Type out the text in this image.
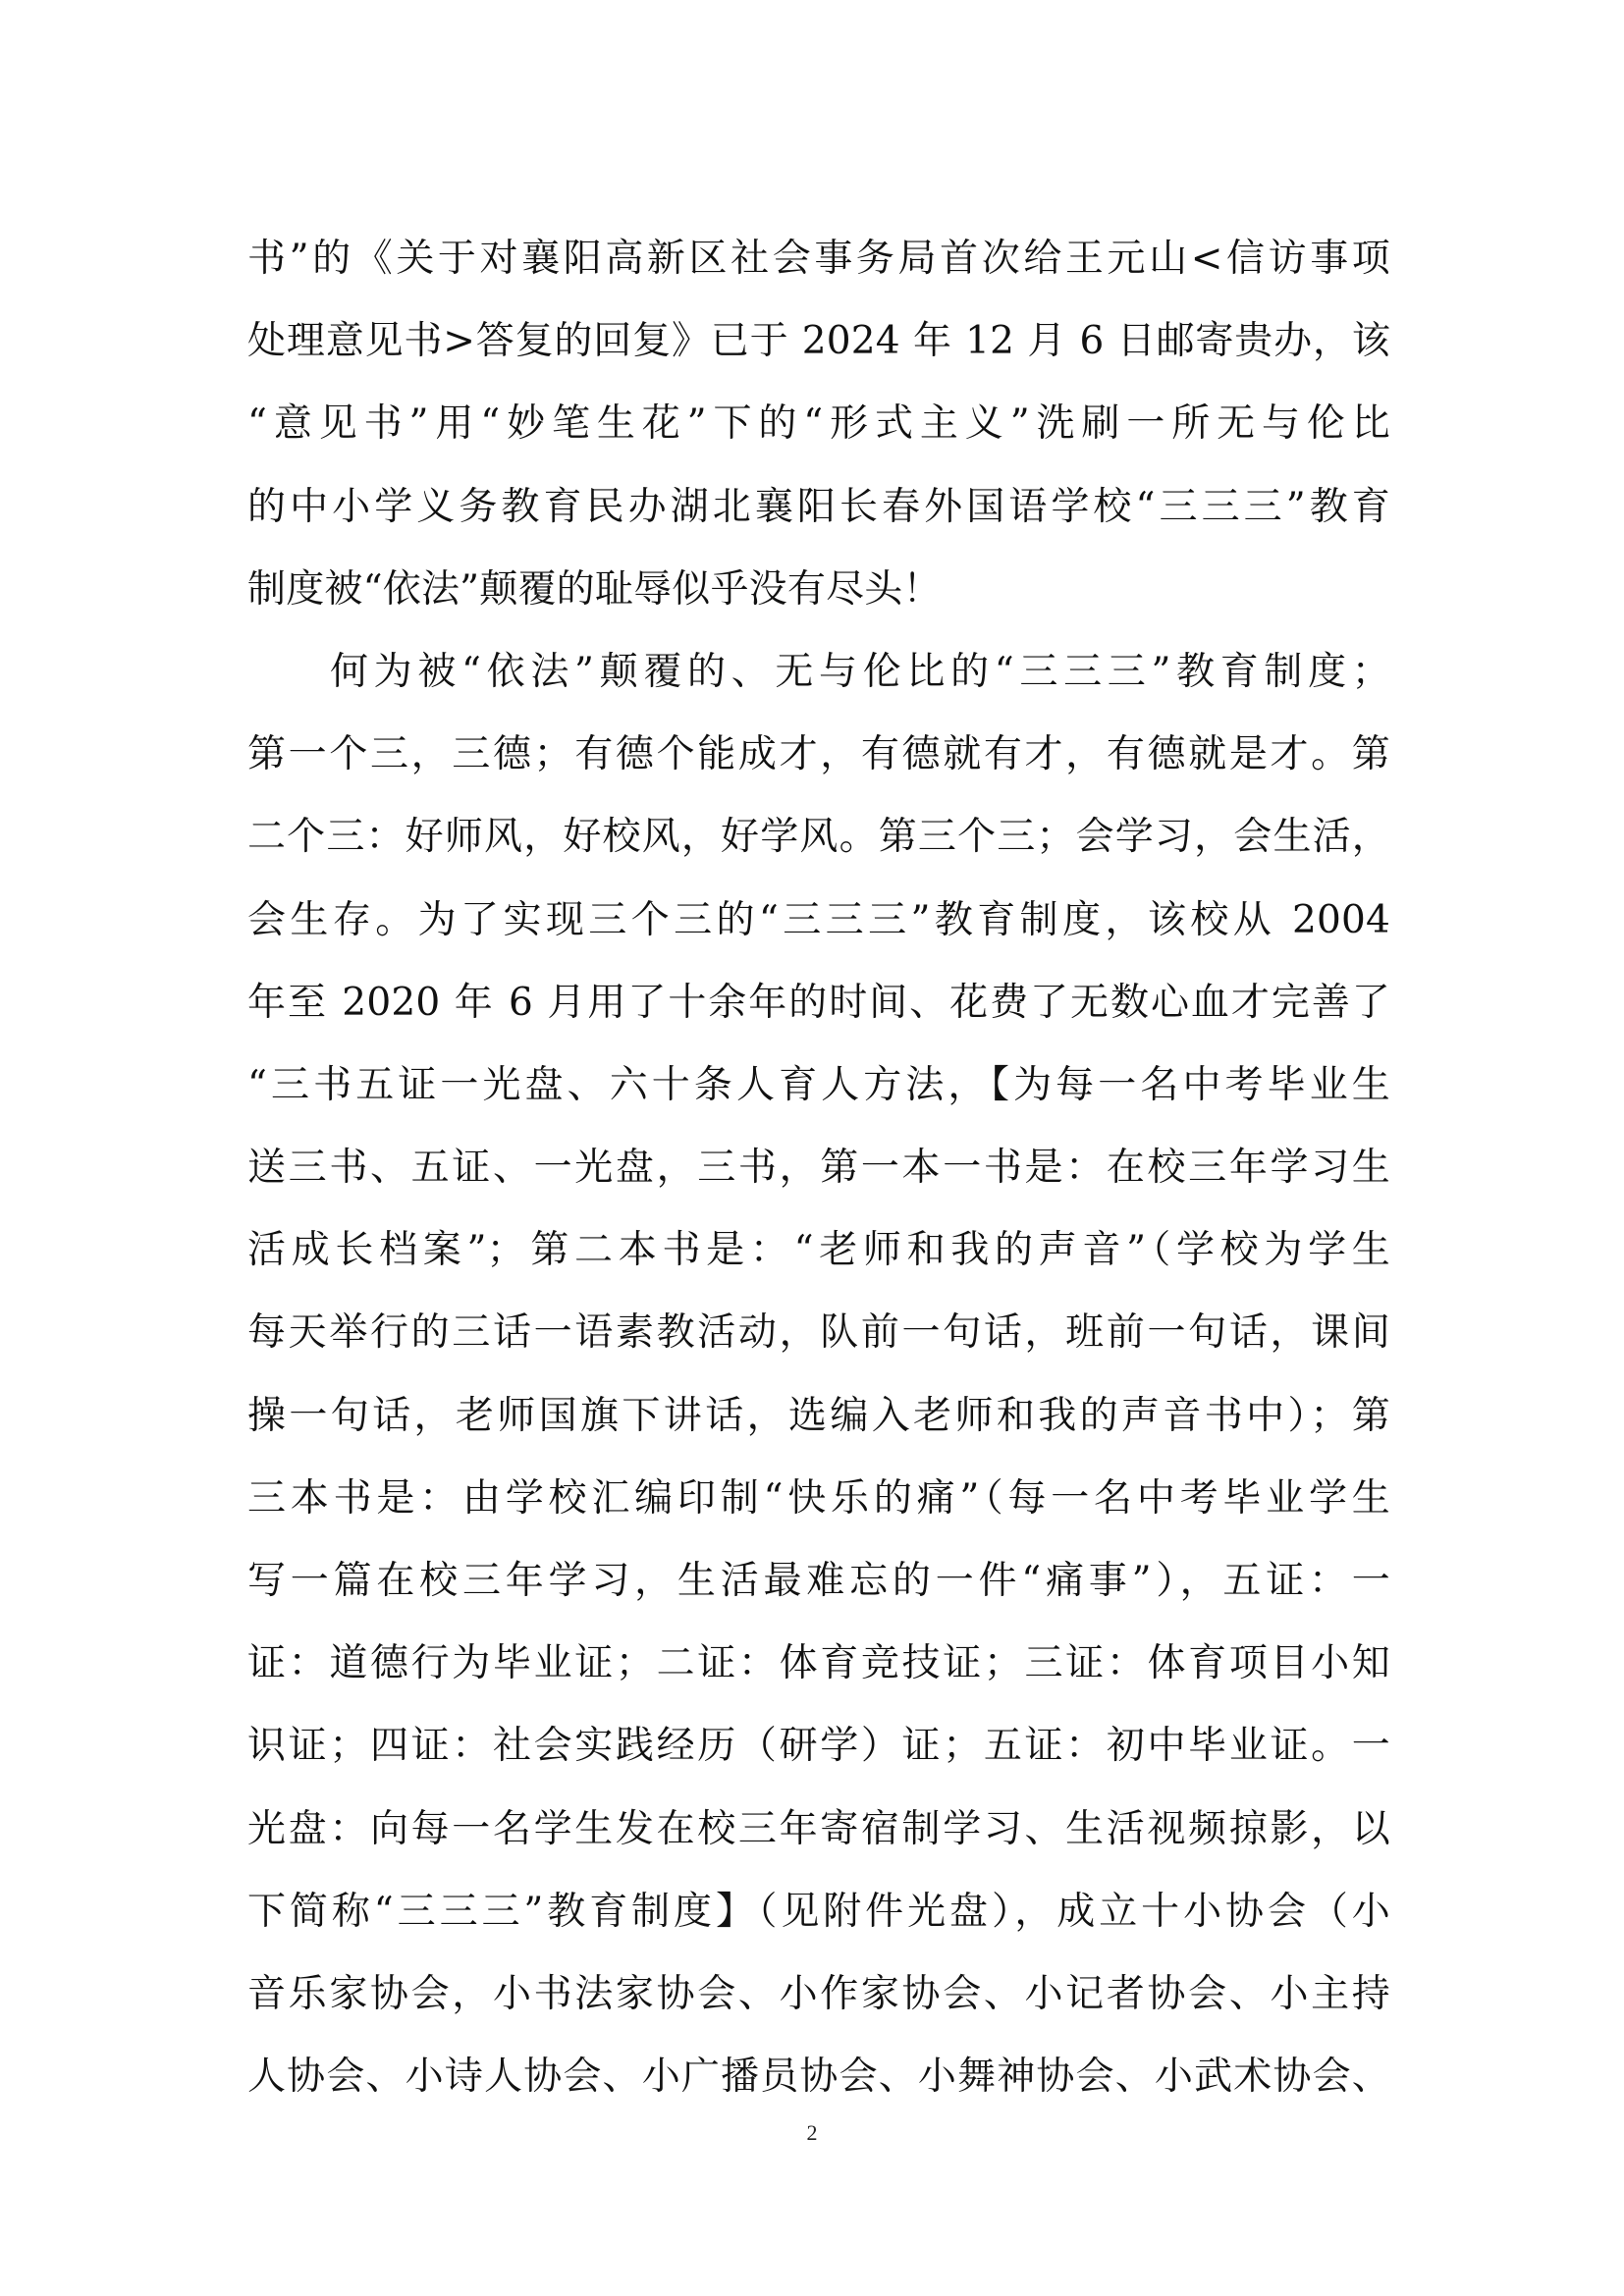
书”的《关于对襄阳高新区社会事务局首次给王元山<信访事项
处理意见书>答复的回复》已于 2024 年 12 月 6 日邮寄贵办，该
“意见书”用“妙笔生花”下的“形式主义”洗刷一所无与伦比
的中小学义务教育民办湖北襄阳长春外国语学校“三三三”教育
制度被“依法”颠覆的耻辱似乎没有尽头！
何为被“依法”颠覆的、无与伦比的“三三三”教育制度；
第一个三，三德；有德个能成才，有德就有才，有德就是才。第
二个三：好师风，好校风，好学风。第三个三；会学习，会生活，
会生存。为了实现三个三的“三三三”教育制度，该校从 2004
年至 2020 年 6 月用了十余年的时间、花费了无数心血才完善了
“三书五证一光盘、六十条人育人方法，【为每一名中考毕业生
送三书、五证、一光盘，三书，第一本一书是：在校三年学习生
活成长档案”；第二本书是：“老师和我的声音”（学校为学生
每天举行的三话一语素教活动，队前一句话，班前一句话，课间
操一句话，老师国旗下讲话，选编入老师和我的声音书中）；第
三本书是：由学校汇编印制“快乐的痛”（每一名中考毕业学生
写一篇在校三年学习，生活最难忘的一件“痛事”），五证：一
证：道德行为毕业证；二证：体育竞技证；三证：体育项目小知
识证；四证：社会实践经历（研学）证；五证：初中毕业证。一
光盘：向每一名学生发在校三年寄宿制学习、生活视频掠影，以
下简称“三三三”教育制度】（见附件光盘），成立十小协会（小
音乐家协会，小书法家协会、小作家协会、小记者协会、小主持
人协会、小诗人协会、小广播员协会、小舞神协会、小武术协会、
2
